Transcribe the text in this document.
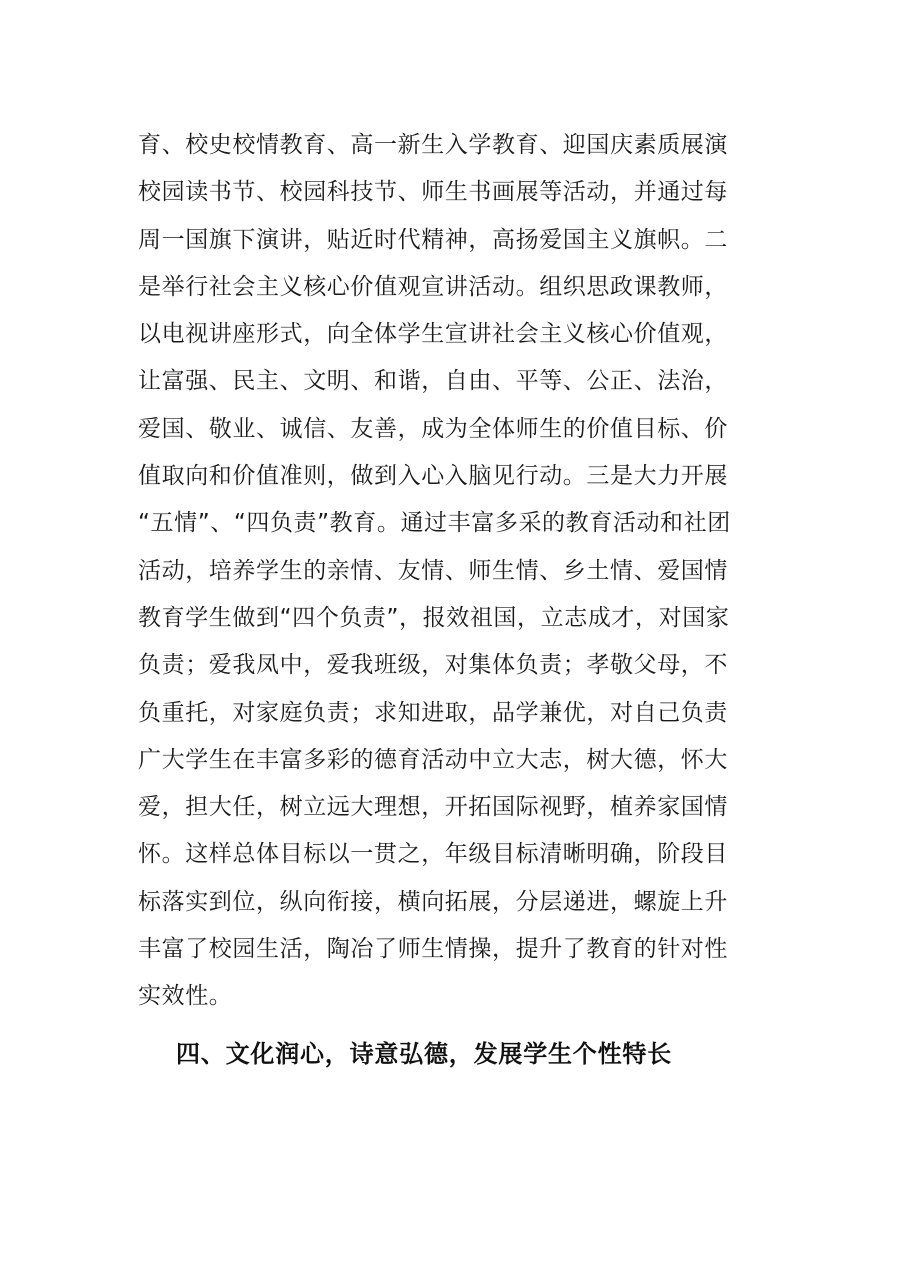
育、校史校情教育、高一新生入学教育、迎国庆素质展演
校园读书节、校园科技节、师生书画展等活动，并通过每
周一国旗下演讲，贴近时代精神，高扬爱国主义旗帜。二
是举行社会主义核心价值观宣讲活动。组织思政课教师，
以电视讲座形式，向全体学生宣讲社会主义核心价值观，
让富强、民主、文明、和谐，自由、平等、公正、法治，
爱国、敬业、诚信、友善，成为全体师生的价值目标、价
值取向和价值准则，做到入心入脑见行动。三是大力开展
“五情”、“四负责”教育。通过丰富多采的教育活动和社团
活动，培养学生的亲情、友情、师生情、乡土情、爱国情
教育学生做到“四个负责”，报效祖国，立志成才，对国家
负责；爱我凤中，爱我班级，对集体负责；孝敬父母，不
负重托，对家庭负责；求知进取，品学兼优，对自己负责
广大学生在丰富多彩的德育活动中立大志，树大德，怀大
爱，担大任，树立远大理想，开拓国际视野，植养家国情
怀。这样总体目标以一贯之，年级目标清晰明确，阶段目
标落实到位，纵向衔接，横向拓展，分层递进，螺旋上升
丰富了校园生活，陶冶了师生情操，提升了教育的针对性
实效性。
四、文化润心，诗意弘德，发展学生个性特长
